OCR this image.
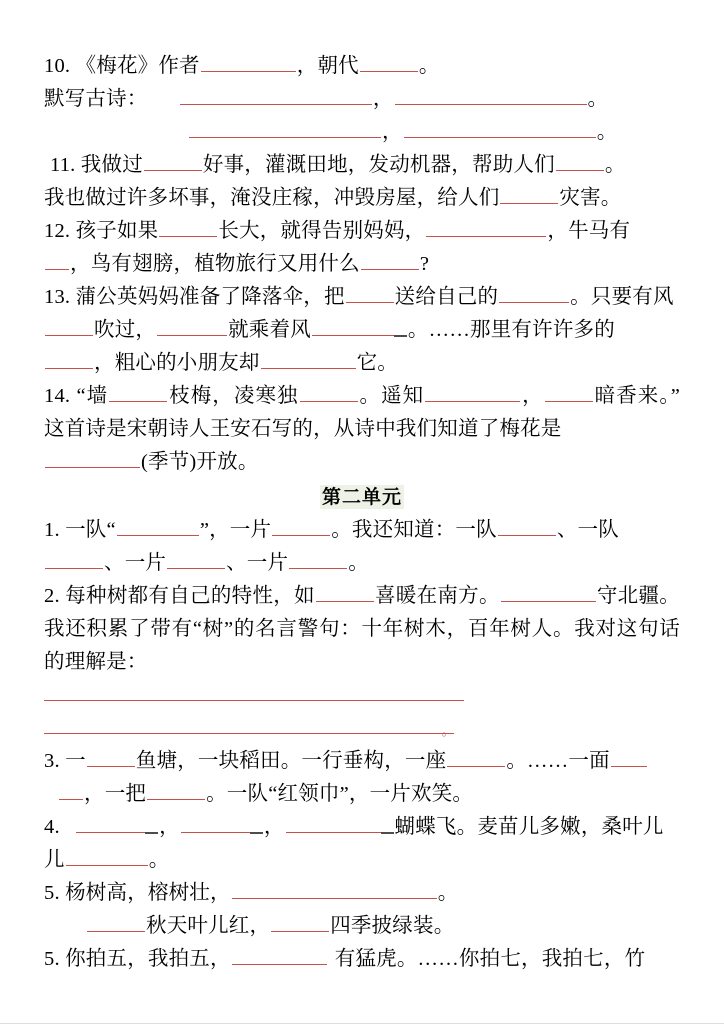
10. 《梅花》作者	，朝代	。
默写古诗：	，	。
，	。
11. 我做过	好事，灌溉田地，发动机器，帮助人们 。
我也做过许多坏事，淹没庄稼，冲毁房屋，给人们	灾害。
12. 孩子如果	长大，就得告别妈妈，	，牛马有
，鸟有翅膀，植物旅行又用什么	?
13. 蒲公英妈妈准备了降落伞，把 送给自己的	。只要有风
吹过，	就乘着风	。……那里有许许多的
，粗心的小朋友却	它。
14. “墙	枝梅，凌寒独	。遥知	， 暗香来。”这首诗是宋朝诗人王安石写的，从诗中我们知道了梅花是
(季节)开放。
第二单元
1. 一队“	”，一片	。我还知道：一队	、一队
、一片	、一片	。
2. 每种树都有自己的特性，如	喜暖在南方。	守北疆。我还积累了带有“树”的名言警句：十年树木，百年树人。我对这句话的理解是：
。
3. 一 鱼塘，一块稻田。一行垂构，一座	。……一面
，一把	。一队“红领巾”，一片欢笑。
4.	，	，	蝴蝶飞。麦苗儿多嫩，桑叶儿
儿	。
5. 杨树高，榕树壮，	。
秋天叶儿红，	四季披绿装。
5. 你拍五，我拍五，	有猛虎。……你拍七，我拍七，竹
